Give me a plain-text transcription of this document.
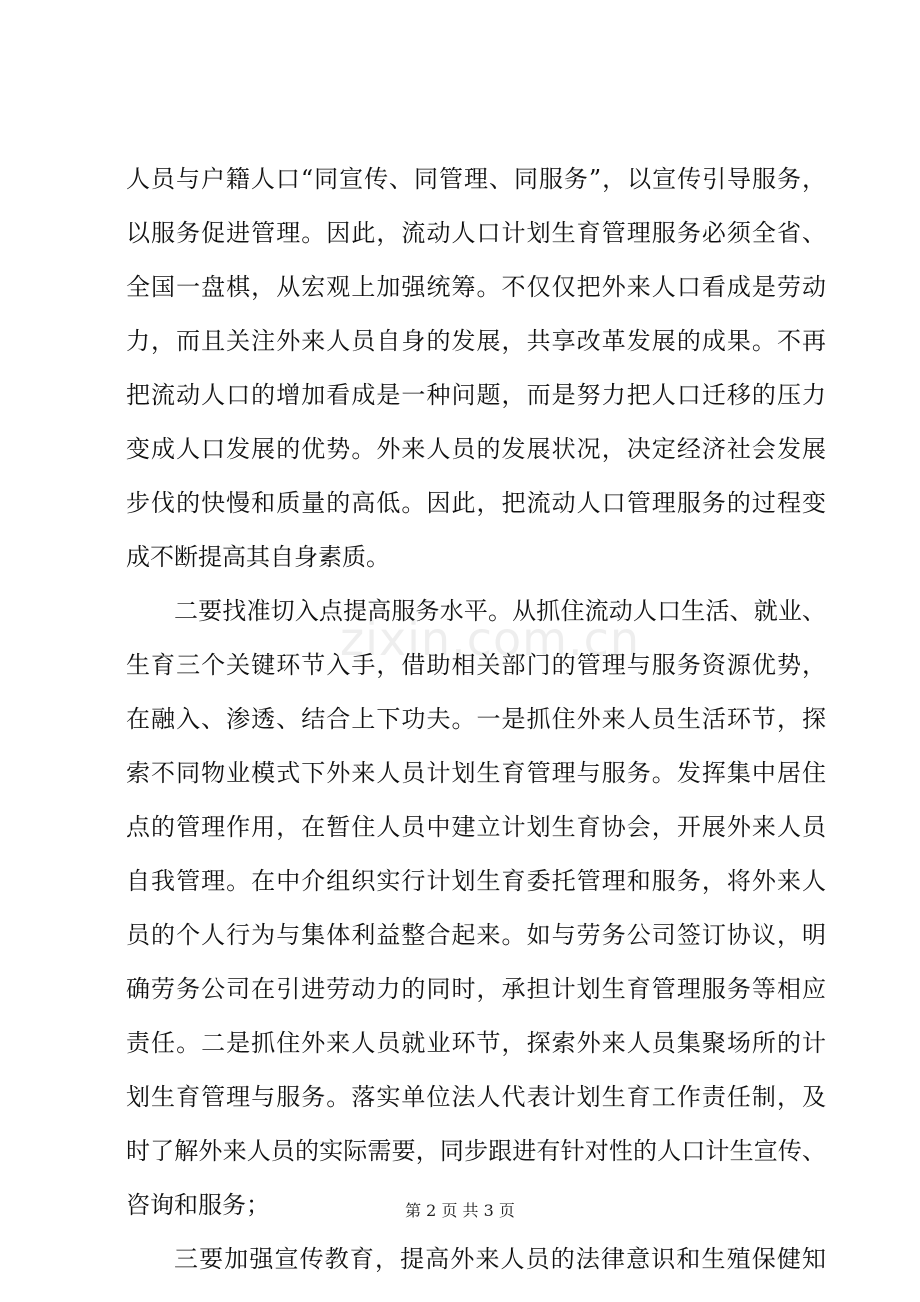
zixin.com.cn
人员与户籍人口“同宣传、同管理、同服务”，以宣传引导服务，
以服务促进管理。因此，流动人口计划生育管理服务必须全省、
全国一盘棋，从宏观上加强统筹。不仅仅把外来人口看成是劳动
力，而且关注外来人员自身的发展，共享改革发展的成果。不再
把流动人口的增加看成是一种问题，而是努力把人口迁移的压力
变成人口发展的优势。外来人员的发展状况，决定经济社会发展
步伐的快慢和质量的高低。因此，把流动人口管理服务的过程变
成不断提高其自身素质。
二要找准切入点提高服务水平。从抓住流动人口生活、就业、
生育三个关键环节入手，借助相关部门的管理与服务资源优势，
在融入、渗透、结合上下功夫。一是抓住外来人员生活环节，探
索不同物业模式下外来人员计划生育管理与服务。发挥集中居住
点的管理作用，在暂住人员中建立计划生育协会，开展外来人员
自我管理。在中介组织实行计划生育委托管理和服务，将外来人
员的个人行为与集体利益整合起来。如与劳务公司签订协议，明
确劳务公司在引进劳动力的同时，承担计划生育管理服务等相应
责任。二是抓住外来人员就业环节，探索外来人员集聚场所的计
划生育管理与服务。落实单位法人代表计划生育工作责任制，及
时了解外来人员的实际需要，同步跟进有针对性的人口计生宣传、
咨询和服务；
三要加强宣传教育，提高外来人员的法律意识和生殖保健知
第 2 页 共 3 页
